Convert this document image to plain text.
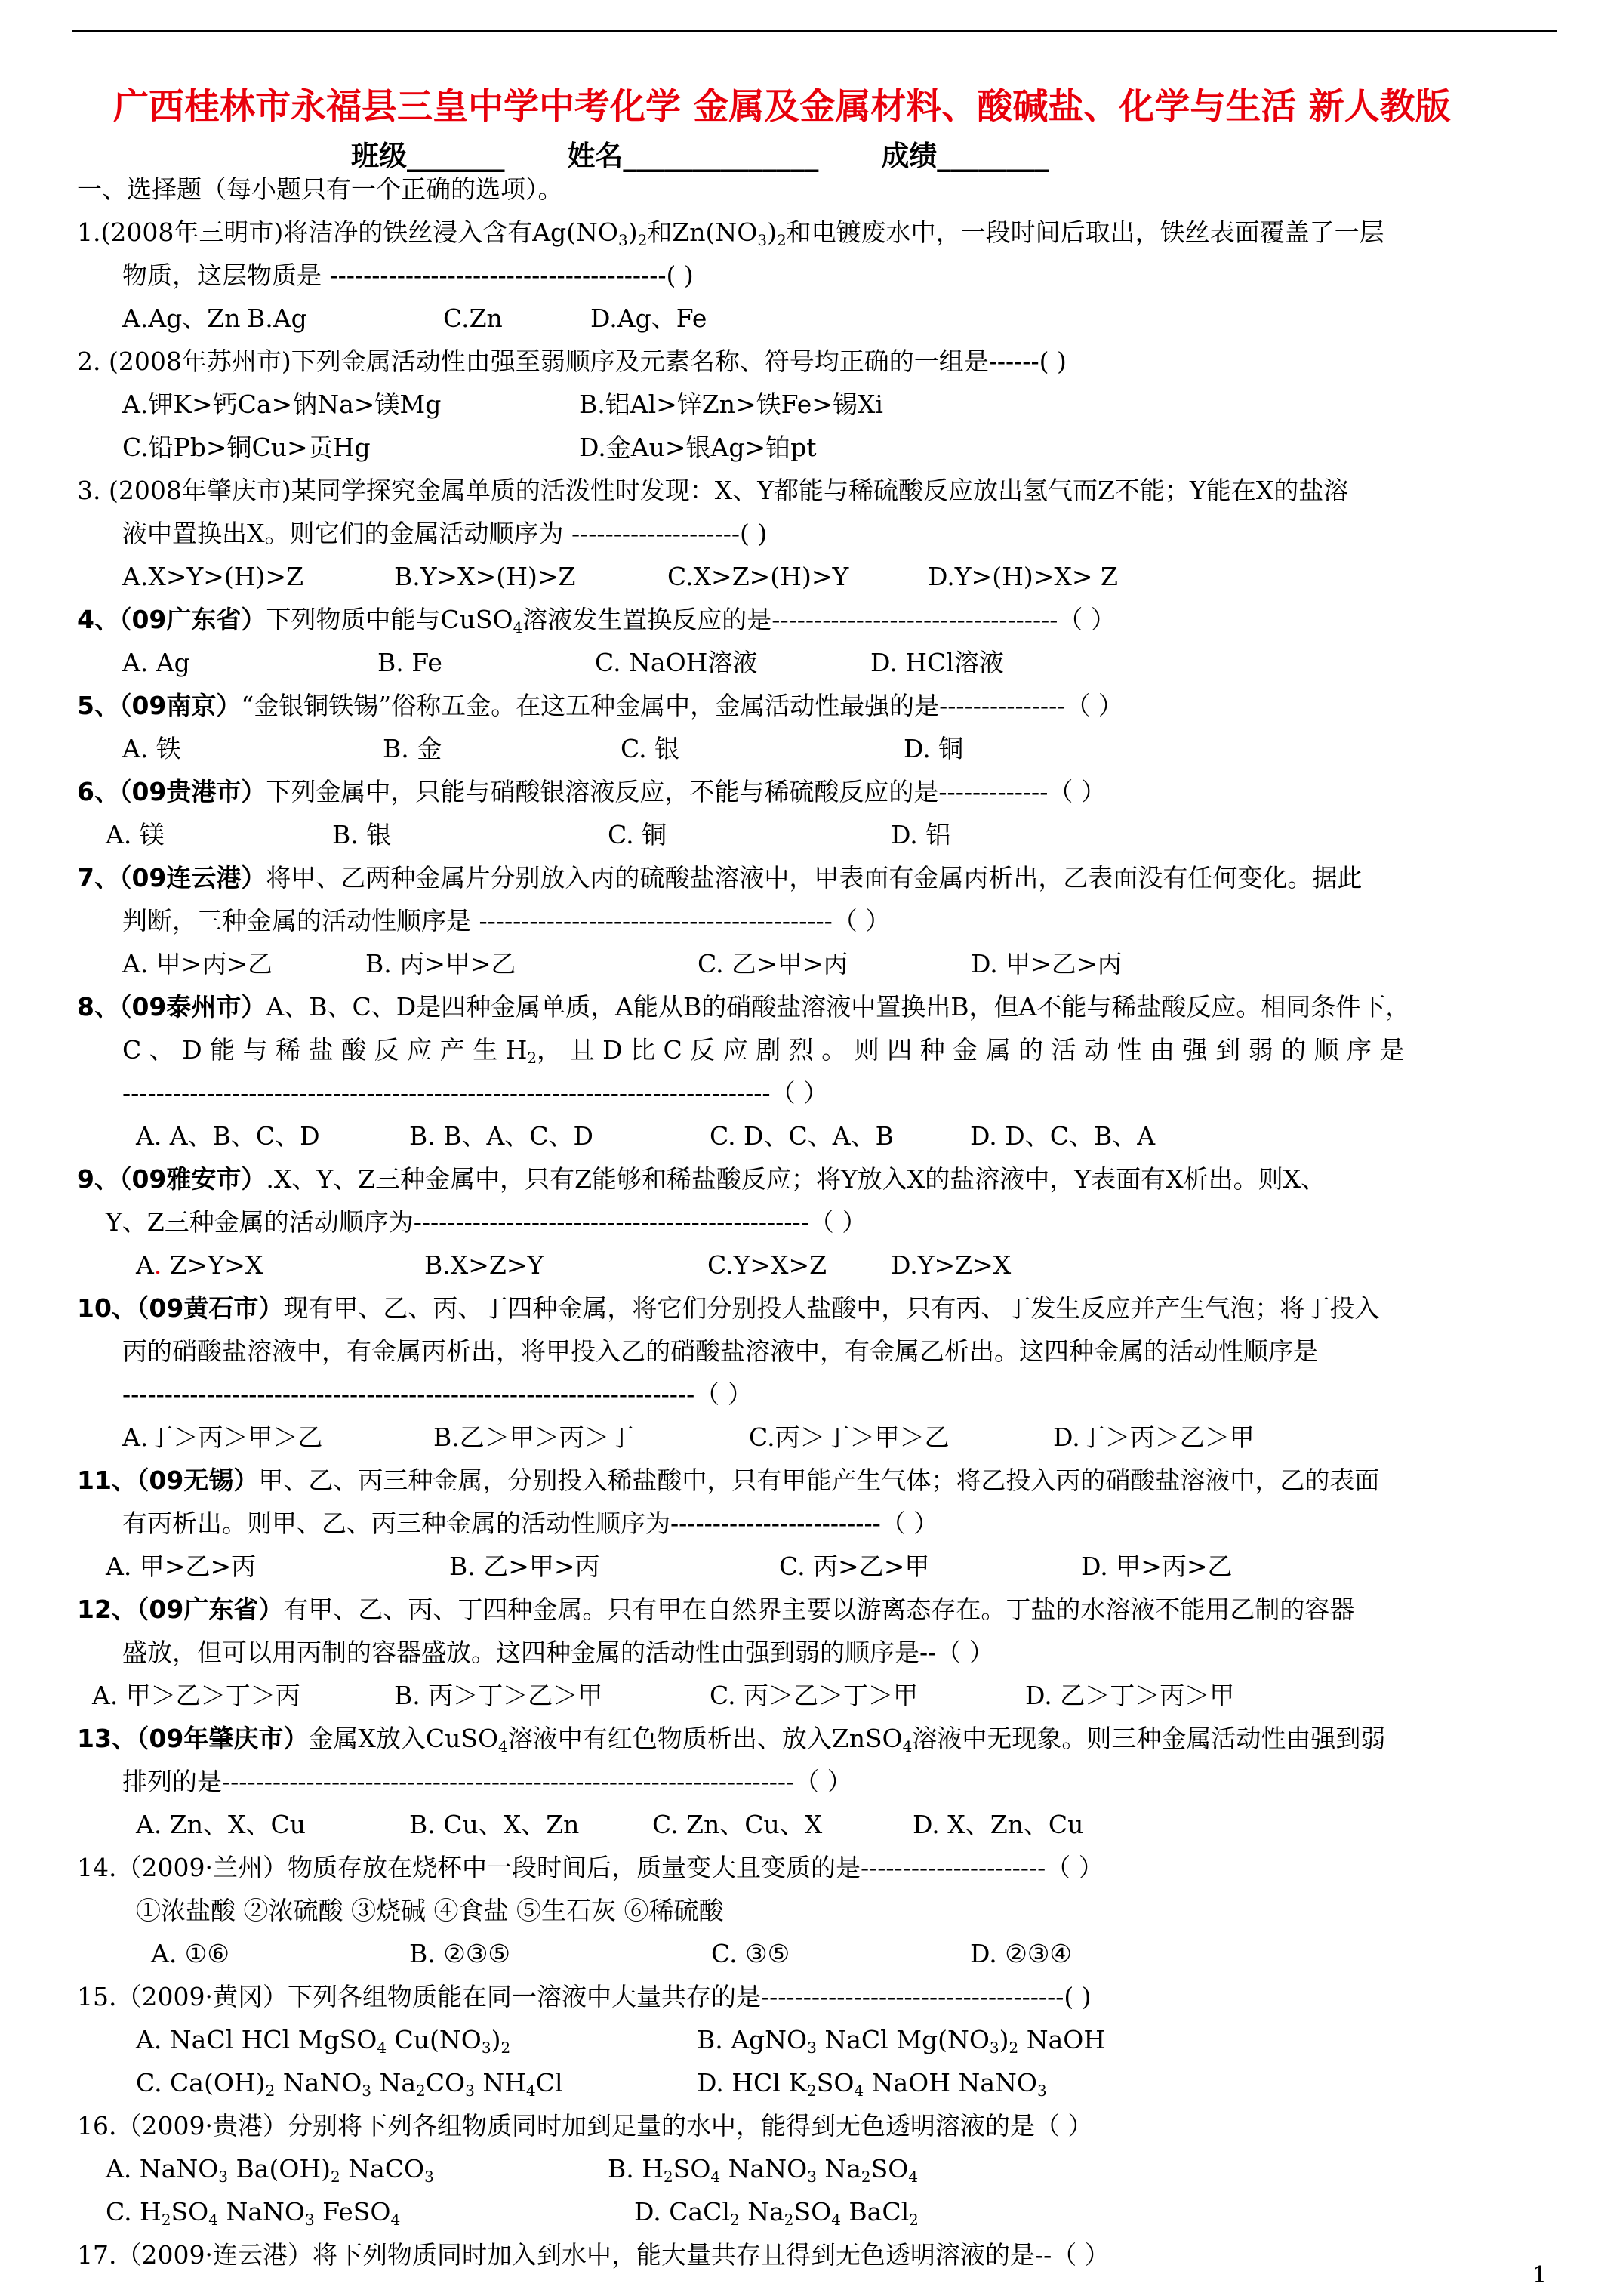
广西桂林市永福县三皇中学中考化学 金属及金属材料、酸碱盐、化学与生活 新人教版
班级_______ 姓名______________ 成绩________
一、选择题（每小题只有一个正确的选项）。
1.(2008年三明市)将洁净的铁丝浸入含有$Ag(NO_3)_2$和$Zn(NO_3)_2$和电镀废水中，一段时间后取出，铁丝表面覆盖了一层
物质，这层物质是 ----------------------------------------( )
A.Ag、Zn B.Ag	C.Zn	D.Ag、Fe
2. (2008年苏州市)下列金属活动性由强至弱顺序及元素名称、符号均正确的一组是------( )
A.钾K>钙Ca>钠Na>镁Mg	B.铝Al>锌Zn>铁Fe>锡Xi
C.铅Pb>铜Cu>贡Hg	D.金Au>银Ag>铂pt
3. (2008年肇庆市)某同学探究金属单质的活泼性时发现：X、Y都能与稀硫酸反应放出氢气而Z不能；Y能在X的盐溶
液中置换出X。则它们的金属活动顺序为 --------------------( )
A.X>Y>(H)>Z	B.Y>X>(H)>Z	C.X>Z>(H)>Y	D.Y>(H)>X> Z
4、（09广东省）下列物质中能与CuSO$_4$溶液发生置换反应的是----------------------------------（ ）
A. Ag	B. Fe	C. NaOH溶液	D. HCl溶液
5、（09南京）“金银铜铁锡”俗称五金。在这五种金属中，金属活动性最强的是---------------（ ）
A. 铁	B. 金	C. 银	D. 铜
6、（09贵港市）下列金属中，只能与硝酸银溶液反应，不能与稀硫酸反应的是-------------（ ）
A. 镁	B. 银	C. 铜	D. 铝
7、（09连云港）将甲、乙两种金属片分别放入丙的硫酸盐溶液中，甲表面有金属丙析出，乙表面没有任何变化。据此
判断，三种金属的活动性顺序是 ------------------------------------------（ ）
A. 甲>丙>乙	B. 丙>甲>乙	C. 乙>甲>丙	D. 甲>乙>丙
8、（09泰州市）A、B、C、D是四种金属单质，A能从B的硝酸盐溶液中置换出B，但A不能与稀盐酸反应。相同条件下，
C 、 D 能 与 稀 盐 酸 反 应 产 生 $H_2$， 且 D 比 C 反 应 剧 烈 。 则 四 种 金 属 的 活 动 性 由 强 到 弱 的 顺 序 是
-----------------------------------------------------------------------------（ ）
A. A、B、C、D	B. B、A、C、D	C. D、C、A、B	D. D、C、B、A
9、（09雅安市）.X、Y、Z三种金属中，只有Z能够和稀盐酸反应；将Y放入X的盐溶液中，Y表面有X析出。则X、
Y、Z三种金属的活动顺序为-----------------------------------------------（ ）
A. Z>Y>X	B.X>Z>Y	C.Y>X>Z	D.Y>Z>X
10、（09黄石市）现有甲、乙、丙、丁四种金属，将它们分别投人盐酸中，只有丙、丁发生反应并产生气泡；将丁投入
丙的硝酸盐溶液中，有金属丙析出，将甲投入乙的硝酸盐溶液中，有金属乙析出。这四种金属的活动性顺序是
--------------------------------------------------------------------（ ）
A.丁＞丙＞甲＞乙	B.乙＞甲＞丙＞丁	C.丙＞丁＞甲＞乙	D.丁＞丙＞乙＞甲
11、（09无锡）甲、乙、丙三种金属，分别投入稀盐酸中，只有甲能产生气体；将乙投入丙的硝酸盐溶液中，乙的表面
有丙析出。则甲、乙、丙三种金属的活动性顺序为-------------------------（ ）
A. 甲>乙>丙	B. 乙>甲>丙	C. 丙>乙>甲	D. 甲>丙>乙
12、（09广东省）有甲、乙、丙、丁四种金属。只有甲在自然界主要以游离态存在。丁盐的水溶液不能用乙制的容器
盛放，但可以用丙制的容器盛放。这四种金属的活动性由强到弱的顺序是--（ ）
A. 甲＞乙＞丁＞丙	B. 丙＞丁＞乙＞甲	C. 丙＞乙＞丁＞甲	D. 乙＞丁＞丙＞甲
13、（09年肇庆市）金属X放入CuSO$_4$溶液中有红色物质析出、放入ZnSO$_4$溶液中无现象。则三种金属活动性由强到弱
排列的是--------------------------------------------------------------------（ ）
A. Zn、X、Cu	B. Cu、X、Zn	C. Zn、Cu、X	D. X、Zn、Cu
14.（2009·兰州）物质存放在烧杯中一段时间后，质量变大且变质的是----------------------（ ）
①浓盐酸 ②浓硫酸 ③烧碱 ④食盐 ⑤生石灰 ⑥稀硫酸
A. ①⑥	B. ②③⑤	C. ③⑤	D. ②③④
15.（2009·黄冈）下列各组物质能在同一溶液中大量共存的是------------------------------------( )
A. NaCl HCl MgSO$_4$ $Cu(NO_3)_2$	B. AgNO$_3$ NaCl $Mg(NO_3)_2$ NaOH
C. $Ca(OH)_2$ NaNO$_3$ $Na_2CO_3$ $NH_4Cl$	D. HCl $K_2SO_4$ NaOH NaNO$_3$
16.（2009·贵港）分别将下列各组物质同时加到足量的水中，能得到无色透明溶液的是（ ）
A. NaNO$_3$ $Ba(OH)_2$ NaCO$_3$	B. $H_2SO_4$ NaNO$_3$ $Na_2SO_4$
C. $H_2SO_4$ NaNO$_3$ FeSO$_4$	D. CaCl$_2$ $Na_2SO_4$ BaCl$_2$
17.（2009·连云港）将下列物质同时加入到水中，能大量共存且得到无色透明溶液的是--（ ）
1
